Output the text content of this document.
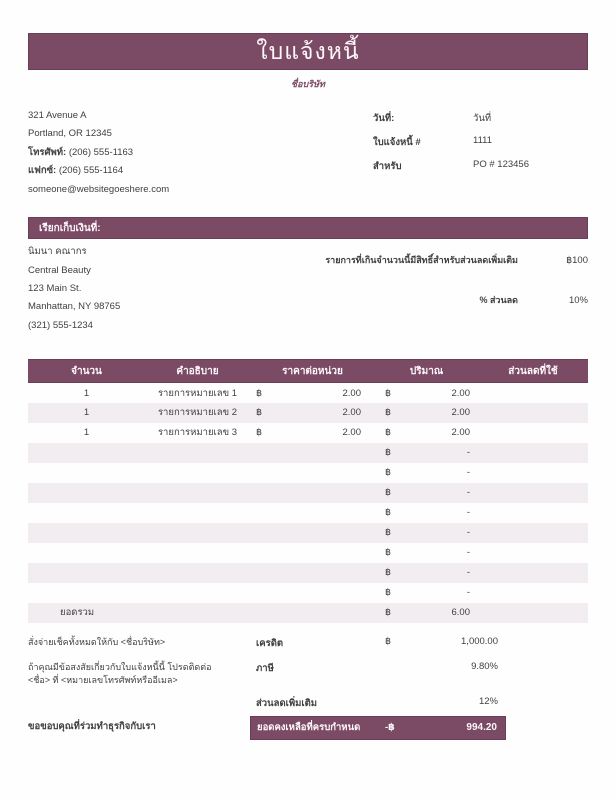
ใบแจ้งหนี้
ชื่อบริษัท
321 Avenue A
Portland, OR 12345
โทรศัพท์: (206) 555-1163
แฟกซ์: (206) 555-1164
someone@websitegoeshere.com
วันที่:	วันที่
ใบแจ้งหนี้ #	1111
สำหรับ	PO # 123456
เรียกเก็บเงินที่:
นิมนา คณากร
Central Beauty
123 Main St.
Manhattan, NY 98765
(321) 555-1234
รายการที่เกินจำนวนนี้มีสิทธิ์สำหรับส่วนลดเพิ่มเติม	฿100
% ส่วนลด	10%
จำนวน	คำอธิบาย	ราคาต่อหน่วย	ปริมาณ	ส่วนลดที่ใช้
1	รายการหมายเลข 1	฿ 2.00	฿ 2.00	

1	รายการหมายเลข 2	฿ 2.00	฿ 2.00	

1	รายการหมายเลข 3	฿ 2.00	฿ 2.00	

			฿ -	

			฿ -	

			฿ -	

			฿ -	

			฿ -	

			฿ -	

			฿ -	

			฿ -	

ยอดรวม			฿ 6.00	

สั่งจ่ายเช็คทั้งหมดให้กับ <ชื่อบริษัท>	เครดิต	฿	1,000.00
ถ้าคุณมีข้อสงสัยเกี่ยวกับใบแจ้งหนี้นี้ โปรดติดต่อ <ชื่อ> ที่ <หมายเลขโทรศัพท์หรืออีเมล>
ภาษี	9.80%
ส่วนลดเพิ่มเติม	12%
ขอขอบคุณที่ร่วมทำธุรกิจกับเรา	ยอดคงเหลือที่ครบกำหนด	-฿	994.20
